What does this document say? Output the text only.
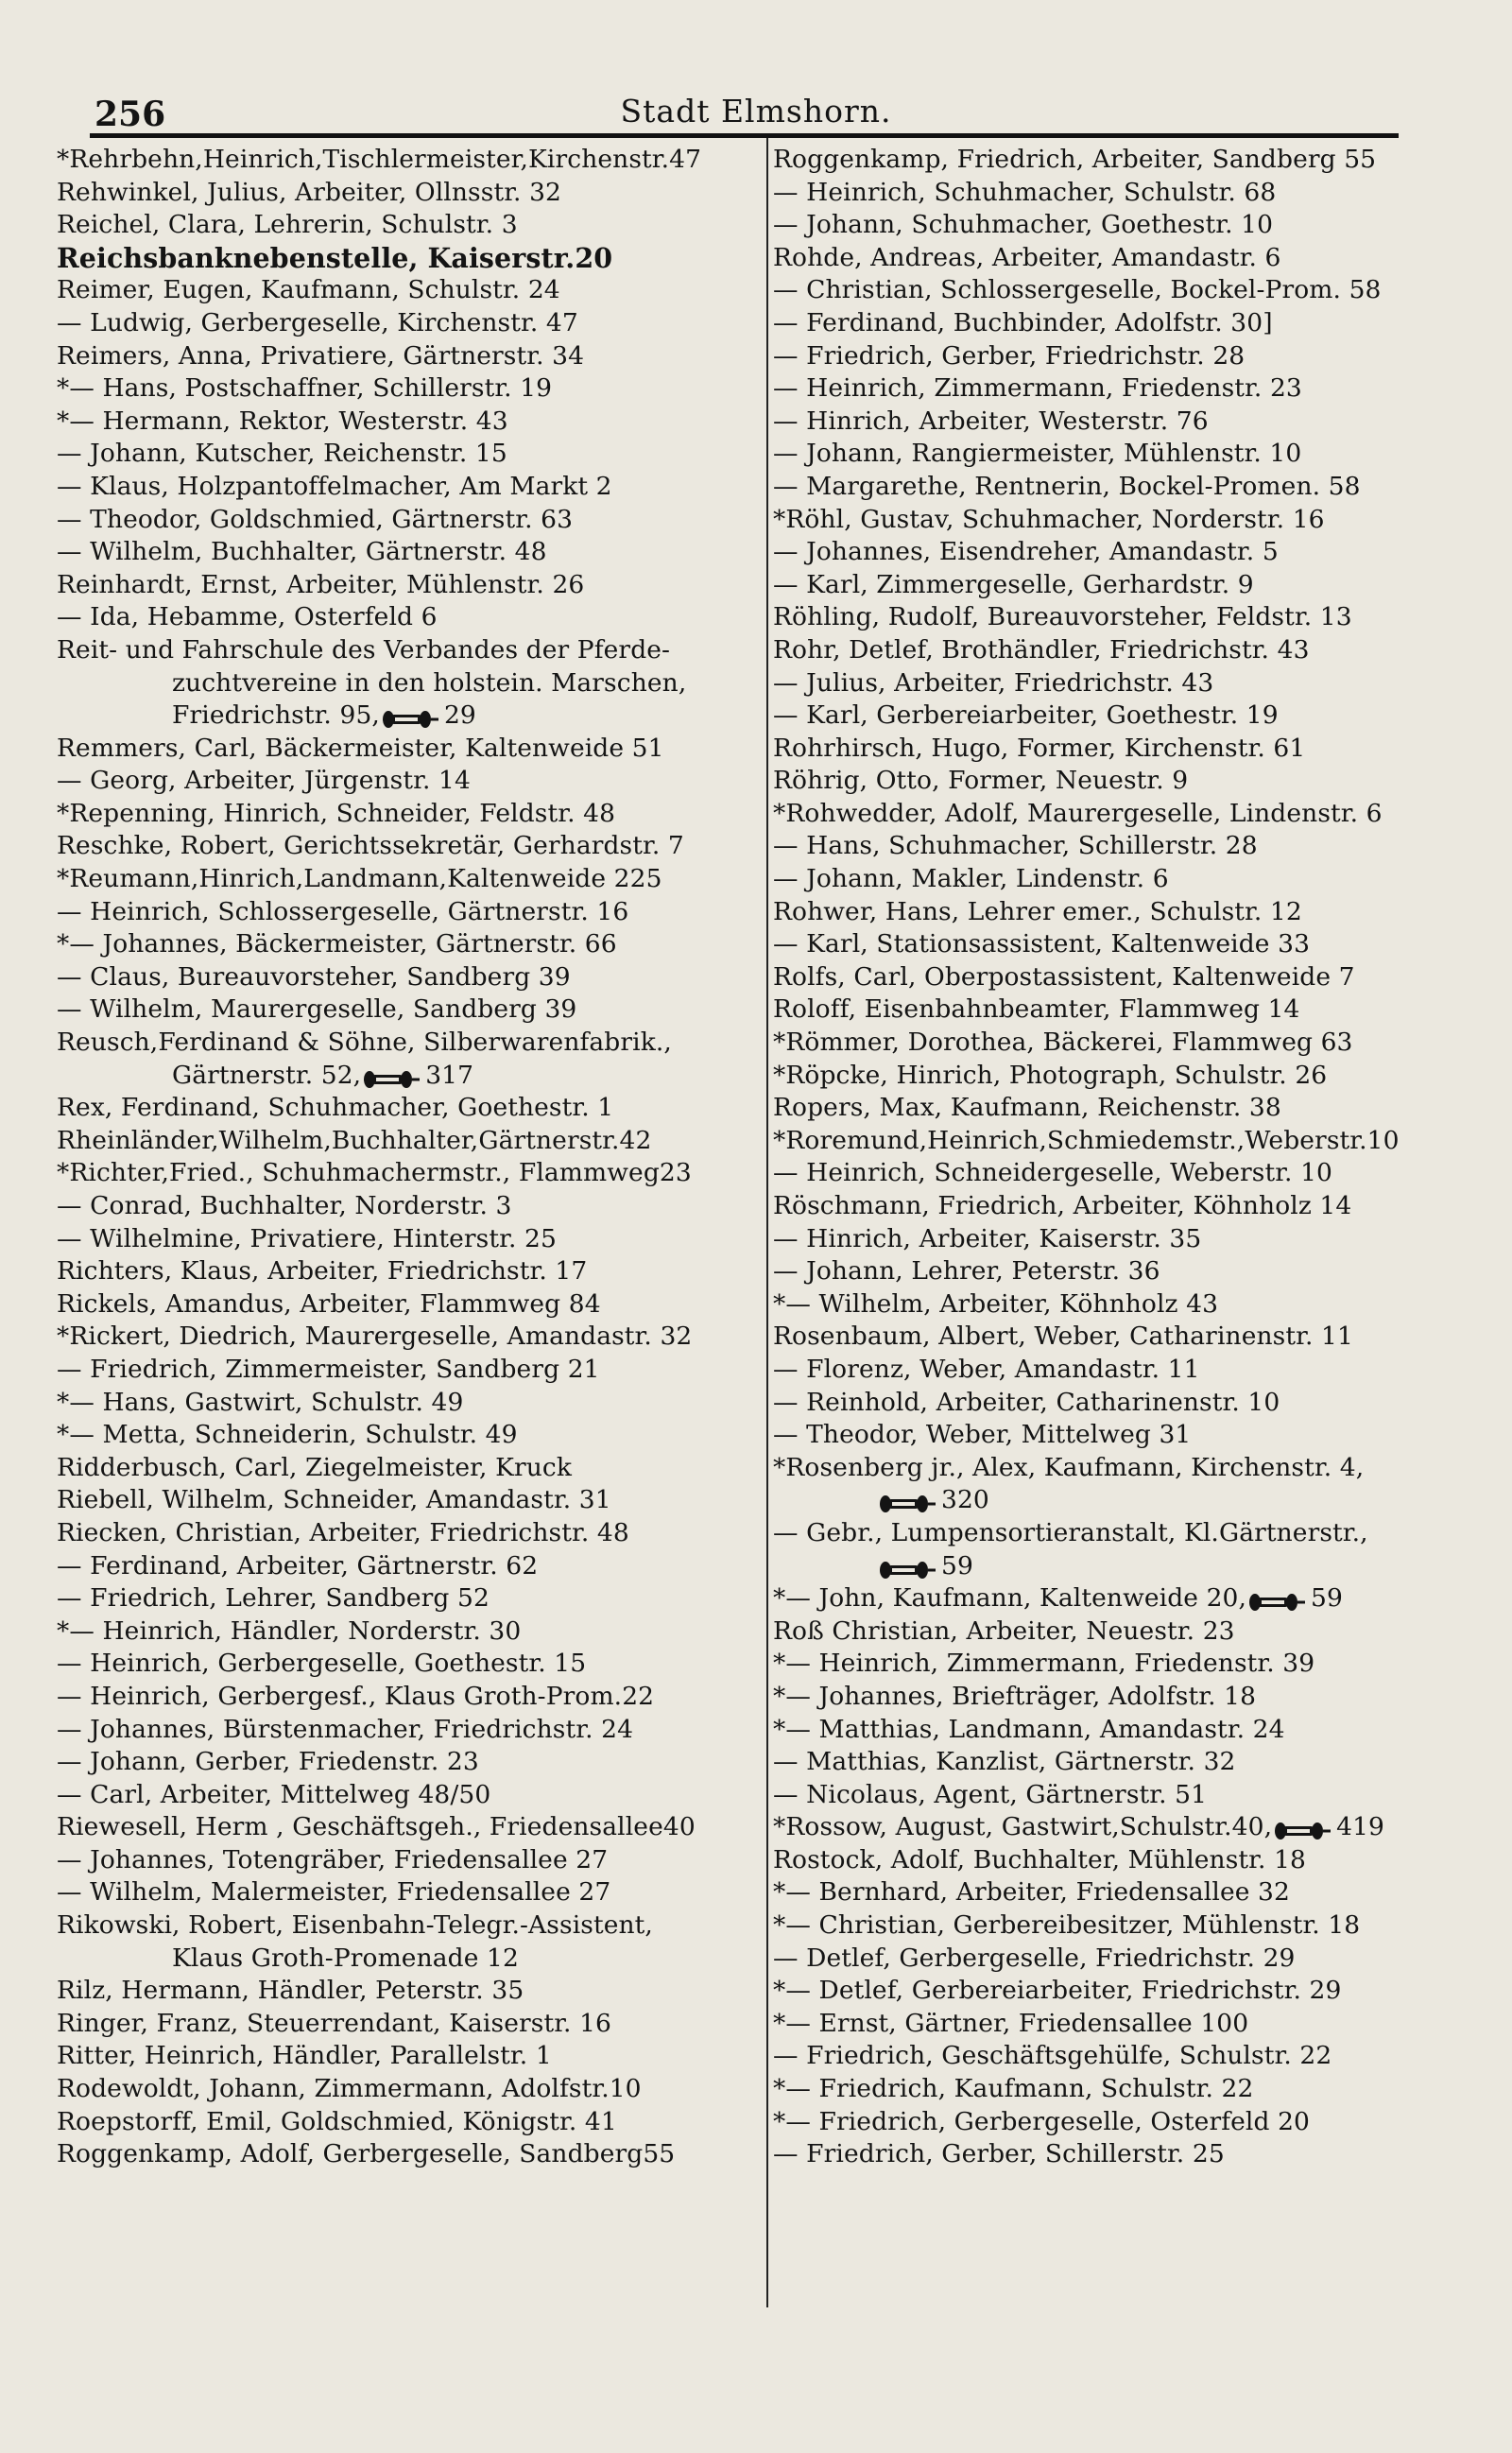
256	Stadt Elmshorn.
*Rehrbehn,Heinrich,Tischlermeister,Kirchenstr.47
Rehwinkel, Julius, Arbeiter, Ollnsstr. 32
Reichel, Clara, Lehrerin, Schulstr. 3
Reichsbanknebenstelle, Kaiserstr.20
Reimer, Eugen, Kaufmann, Schulstr. 24
— Ludwig, Gerbergeselle, Kirchenstr. 47
Reimers, Anna, Privatiere, Gärtnerstr. 34
*— Hans, Postschaffner, Schillerstr. 19
*— Hermann, Rektor, Westerstr. 43
— Johann, Kutscher, Reichenstr. 15
— Klaus, Holzpantoffelmacher, Am Markt 2
— Theodor, Goldschmied, Gärtnerstr. 63
— Wilhelm, Buchhalter, Gärtnerstr. 48
Reinhardt, Ernst, Arbeiter, Mühlenstr. 26
— Ida, Hebamme, Osterfeld 6
Reit- und Fahrschule des Verbandes der Pferde-
zuchtvereine in den holstein. Marschen,
Friedrichstr. 95,	29
Remmers, Carl, Bäckermeister, Kaltenweide 51
— Georg, Arbeiter, Jürgenstr. 14
*Repenning, Hinrich, Schneider, Feldstr. 48
Reschke, Robert, Gerichtssekretär, Gerhardstr. 7
*Reumann,Hinrich,Landmann,Kaltenweide 225
— Heinrich, Schlossergeselle, Gärtnerstr. 16
*— Johannes, Bäckermeister, Gärtnerstr. 66
— Claus, Bureauvorsteher, Sandberg 39
— Wilhelm, Maurergeselle, Sandberg 39
Reusch,Ferdinand & Söhne, Silberwarenfabrik.,
Gärtnerstr. 52,	317
Rex, Ferdinand, Schuhmacher, Goethestr. 1
Rheinländer,Wilhelm,Buchhalter,Gärtnerstr.42
*Richter,Fried., Schuhmachermstr., Flammweg23
— Conrad, Buchhalter, Norderstr. 3
— Wilhelmine, Privatiere, Hinterstr. 25
Richters, Klaus, Arbeiter, Friedrichstr. 17
Rickels, Amandus, Arbeiter, Flammweg 84
*Rickert, Diedrich, Maurergeselle, Amandastr. 32
— Friedrich, Zimmermeister, Sandberg 21
*— Hans, Gastwirt, Schulstr. 49
*— Metta, Schneiderin, Schulstr. 49
Ridderbusch, Carl, Ziegelmeister, Kruck
Riebell, Wilhelm, Schneider, Amandastr. 31
Riecken, Christian, Arbeiter, Friedrichstr. 48
— Ferdinand, Arbeiter, Gärtnerstr. 62
— Friedrich, Lehrer, Sandberg 52
*— Heinrich, Händler, Norderstr. 30
— Heinrich, Gerbergeselle, Goethestr. 15
— Heinrich, Gerbergesf., Klaus Groth-Prom.22
— Johannes, Bürstenmacher, Friedrichstr. 24
— Johann, Gerber, Friedenstr. 23
— Carl, Arbeiter, Mittelweg 48/50
Riewesell, Herm , Geschäftsgeh., Friedensallee40
— Johannes, Totengräber, Friedensallee 27
— Wilhelm, Malermeister, Friedensallee 27
Rikowski, Robert, Eisenbahn-Telegr.-Assistent,
Klaus Groth-Promenade 12
Rilz, Hermann, Händler, Peterstr. 35
Ringer, Franz, Steuerrendant, Kaiserstr. 16
Ritter, Heinrich, Händler, Parallelstr. 1
Rodewoldt, Johann, Zimmermann, Adolfstr.10
Roepstorff, Emil, Goldschmied, Königstr. 41
Roggenkamp, Adolf, Gerbergeselle, Sandberg55
Roggenkamp, Friedrich, Arbeiter, Sandberg 55
— Heinrich, Schuhmacher, Schulstr. 68
— Johann, Schuhmacher, Goethestr. 10
Rohde, Andreas, Arbeiter, Amandastr. 6
— Christian, Schlossergeselle, Bockel-Prom. 58
— Ferdinand, Buchbinder, Adolfstr. 30]
— Friedrich, Gerber, Friedrichstr. 28
— Heinrich, Zimmermann, Friedenstr. 23
— Hinrich, Arbeiter, Westerstr. 76
— Johann, Rangiermeister, Mühlenstr. 10
— Margarethe, Rentnerin, Bockel-Promen. 58
*Röhl, Gustav, Schuhmacher, Norderstr. 16
— Johannes, Eisendreher, Amandastr. 5
— Karl, Zimmergeselle, Gerhardstr. 9
Röhling, Rudolf, Bureauvorsteher, Feldstr. 13
Rohr, Detlef, Brothändler, Friedrichstr. 43
— Julius, Arbeiter, Friedrichstr. 43
— Karl, Gerbereiarbeiter, Goethestr. 19
Rohrhirsch, Hugo, Former, Kirchenstr. 61
Röhrig, Otto, Former, Neuestr. 9
*Rohwedder, Adolf, Maurergeselle, Lindenstr. 6
— Hans, Schuhmacher, Schillerstr. 28
— Johann, Makler, Lindenstr. 6
Rohwer, Hans, Lehrer emer., Schulstr. 12
— Karl, Stationsassistent, Kaltenweide 33
Rolfs, Carl, Oberpostassistent, Kaltenweide 7
Roloff, Eisenbahnbeamter, Flammweg 14
*Römmer, Dorothea, Bäckerei, Flammweg 63
*Röpcke, Hinrich, Photograph, Schulstr. 26
Ropers, Max, Kaufmann, Reichenstr. 38
*Roremund,Heinrich,Schmiedemstr.,Weberstr.10
— Heinrich, Schneidergeselle, Weberstr. 10
Röschmann, Friedrich, Arbeiter, Köhnholz 14
— Hinrich, Arbeiter, Kaiserstr. 35
— Johann, Lehrer, Peterstr. 36
*— Wilhelm, Arbeiter, Köhnholz 43
Rosenbaum, Albert, Weber, Catharinenstr. 11
— Florenz, Weber, Amandastr. 11
— Reinhold, Arbeiter, Catharinenstr. 10
— Theodor, Weber, Mittelweg 31
*Rosenberg jr., Alex, Kaufmann, Kirchenstr. 4,
320
— Gebr., Lumpensortieranstalt, Kl.Gärtnerstr.,
59
*— John, Kaufmann, Kaltenweide 20,	59
Roß Christian, Arbeiter, Neuestr. 23
*— Heinrich, Zimmermann, Friedenstr. 39
*— Johannes, Briefträger, Adolfstr. 18
*— Matthias, Landmann, Amandastr. 24
— Matthias, Kanzlist, Gärtnerstr. 32
— Nicolaus, Agent, Gärtnerstr. 51
*Rossow, August, Gastwirt,Schulstr.40,	419
Rostock, Adolf, Buchhalter, Mühlenstr. 18
*— Bernhard, Arbeiter, Friedensallee 32
*— Christian, Gerbereibesitzer, Mühlenstr. 18
— Detlef, Gerbergeselle, Friedrichstr. 29
*— Detlef, Gerbereiarbeiter, Friedrichstr. 29
*— Ernst, Gärtner, Friedensallee 100
— Friedrich, Geschäftsgehülfe, Schulstr. 22
*— Friedrich, Kaufmann, Schulstr. 22
*— Friedrich, Gerbergeselle, Osterfeld 20
— Friedrich, Gerber, Schillerstr. 25
